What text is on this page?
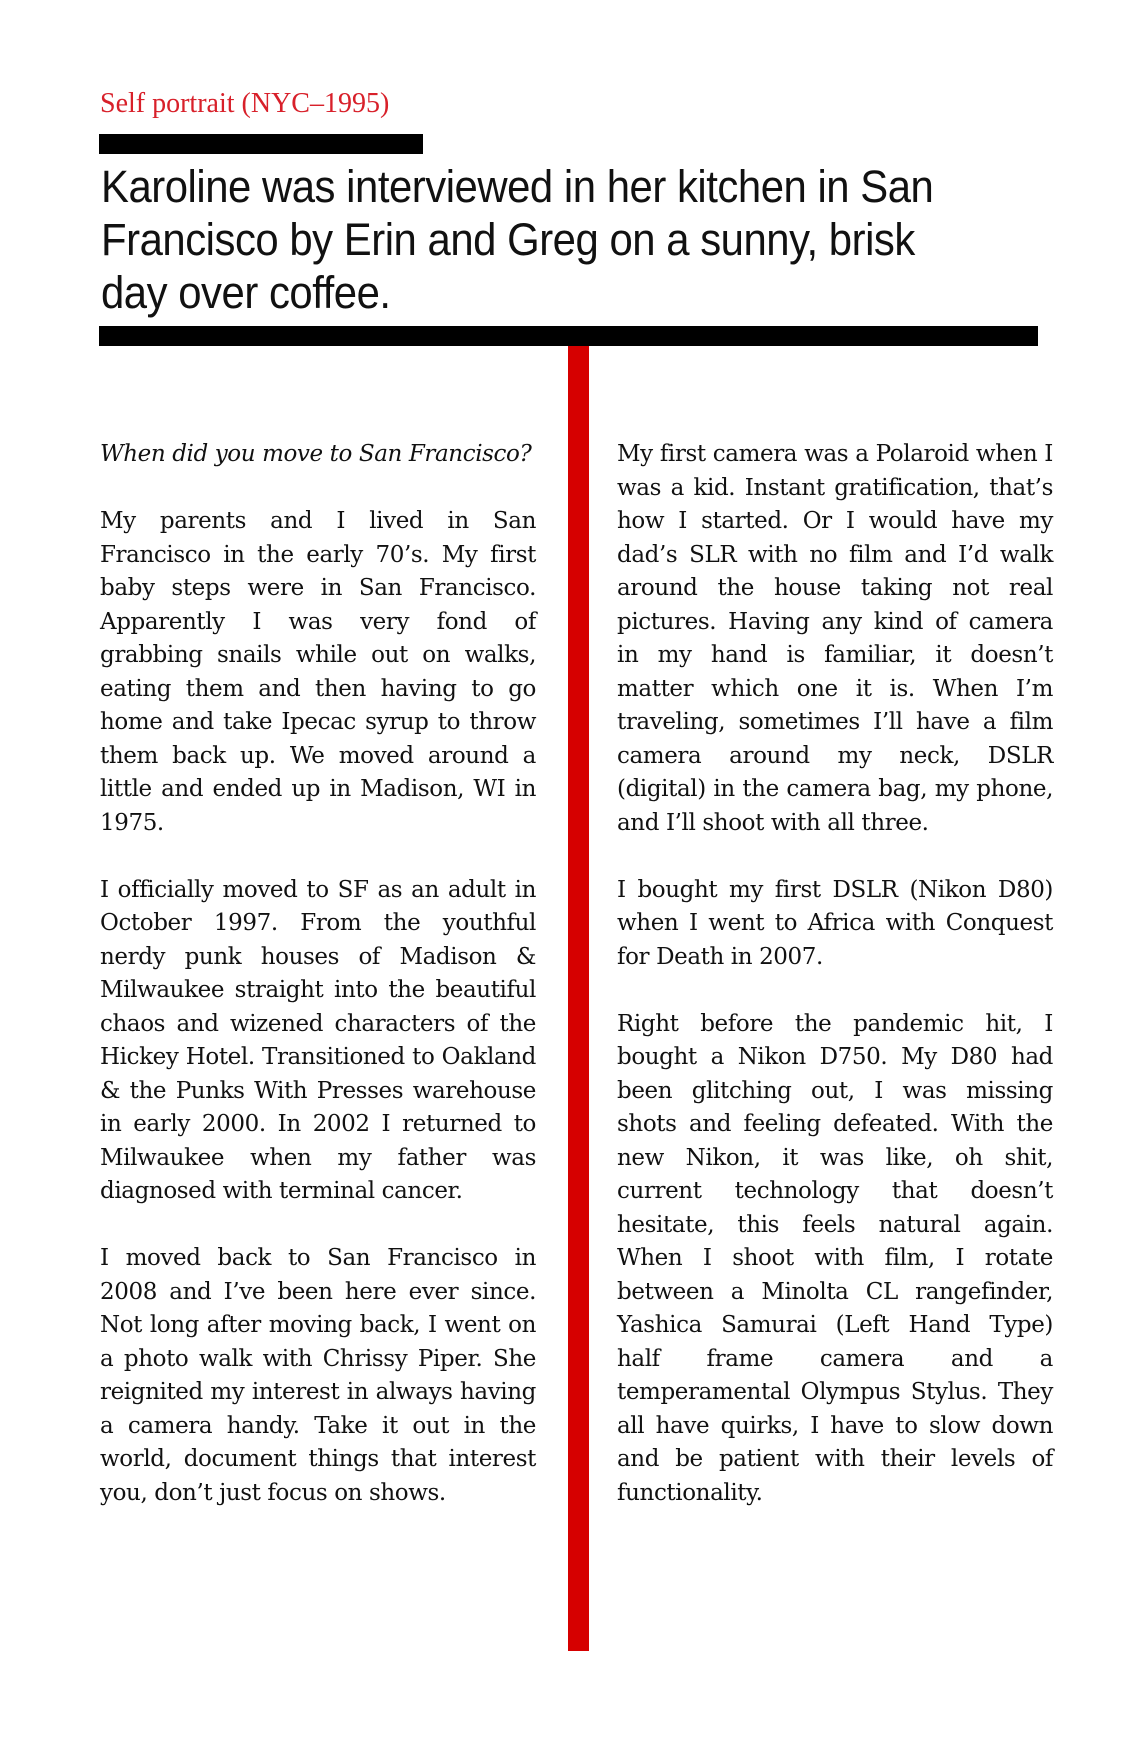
Self portrait (NYC–1995)
Karoline was interviewed in her kitchen in San Francisco by Erin and Greg on a sunny, brisk day over coffee.

When did you move to San Francisco?

My parents and I lived in San Francisco in the early 70’s. My first baby steps were in San Francisco. Apparently I was very fond of grabbing snails while out on walks, eating them and then having to go home and take Ipecac syrup to throw them back up. We moved around a little and ended up in Madison, WI in 1975.

I officially moved to SF as an adult in October 1997. From the youthful nerdy punk houses of Madison & Milwaukee straight into the beautiful chaos and wizened characters of the Hickey Hotel. Transitioned to Oakland & the Punks With Presses warehouse in early 2000. In 2002 I returned to Milwaukee when my father was diagnosed with terminal cancer.

I moved back to San Francisco in 2008 and I’ve been here ever since. Not long after moving back, I went on a photo walk with Chrissy Piper. She reignited my interest in always having a camera handy. Take it out in the world, document things that interest you, don’t just focus on shows.

My first camera was a Polaroid when I was a kid. Instant gratification, that’s how I started. Or I would have my dad’s SLR with no film and I’d walk around the house taking not real pictures. Having any kind of camera in my hand is familiar, it doesn’t matter which one it is. When I’m traveling, sometimes I’ll have a film camera around my neck, DSLR (digital) in the camera bag, my phone, and I’ll shoot with all three.

I bought my first DSLR (Nikon D80) when I went to Africa with Conquest for Death in 2007.

Right before the pandemic hit, I bought a Nikon D750. My D80 had been glitching out, I was missing shots and feeling defeated. With the new Nikon, it was like, oh shit, current technology that doesn’t hesitate, this feels natural again. When I shoot with film, I rotate between a Minolta CL rangefinder, Yashica Samurai (Left Hand Type) half frame camera and a temperamental Olympus Stylus. They all have quirks, I have to slow down and be patient with their levels of functionality.
